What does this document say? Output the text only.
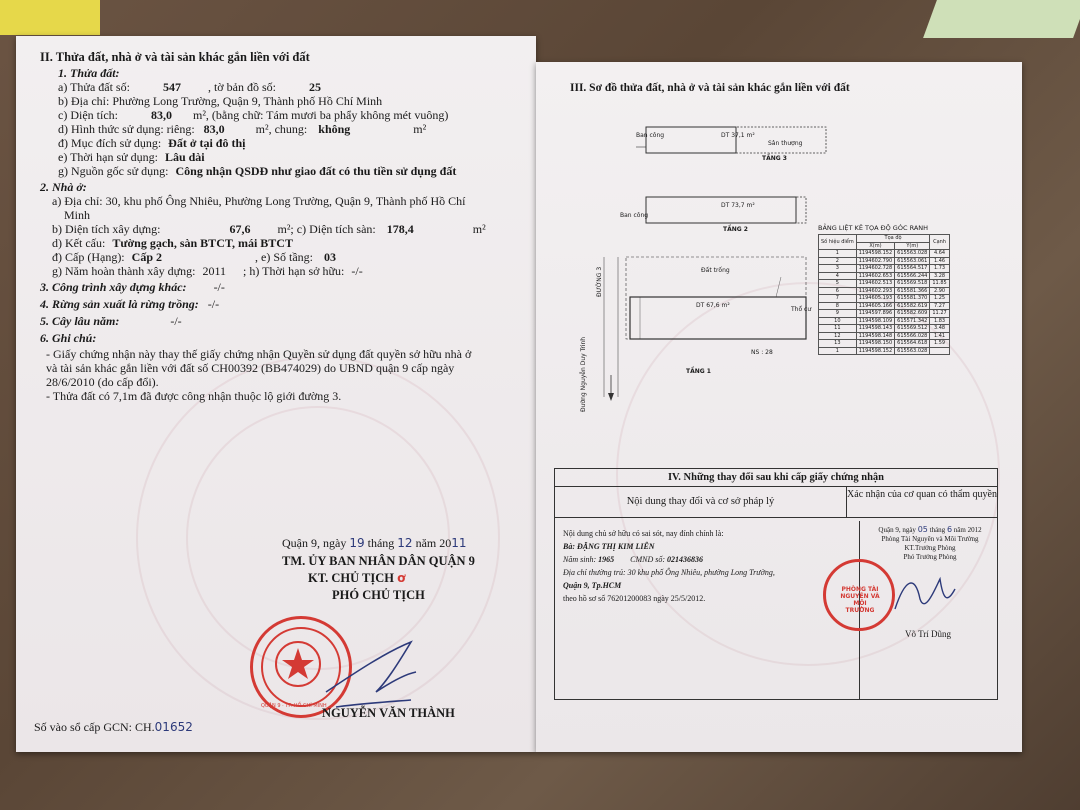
II. Thửa đất, nhà ở và tài sản khác gắn liền với đất
1. Thửa đất:
a) Thửa đất số:	547 , tờ bản đồ số:	25
b) Địa chỉ: Phường Long Trường, Quận 9, Thành phố Hồ Chí Minh
c) Diện tích:	83,0 m², (bằng chữ: Tám mươi ba phẩy không mét vuông)
d) Hình thức sử dụng: riêng: 83,0	m², chung: không	m²
đ) Mục đích sử dụng: Đất ở tại đô thị
e) Thời hạn sử dụng: Lâu dài
g) Nguồn gốc sử dụng: Công nhận QSDĐ như giao đất có thu tiền sử dụng đất
2. Nhà ở:
a) Địa chỉ: 30, khu phố Ông Nhiêu, Phường Long Trường, Quận 9, Thành phố Hồ Chí
Minh
b) Diện tích xây dựng:	67,6 m²; c) Diện tích sàn: 178,4	m²
d) Kết cấu: Tường gạch, sàn BTCT, mái BTCT
đ) Cấp (Hạng): Cấp 2	, e) Số tầng: 03
g) Năm hoàn thành xây dựng: 2011 ; h) Thời hạn sở hữu: -/-
3. Công trình xây dựng khác: -/-
4. Rừng sản xuất là rừng trồng: -/-
5. Cây lâu năm:	-/-
6. Ghi chú:
- Giấy chứng nhận này thay thế giấy chứng nhận Quyền sử dụng đất quyền sở hữu nhà ở
và tài sản khác gắn liền với đất số CH00392 (BB474029) do UBND quận 9 cấp ngày
28/6/2010 (do cấp đổi).
- Thửa đất có 7,1m đã được công nhận thuộc lộ giới đường 3.
Quận 9, ngày 19 tháng 12 năm 2011
TM. ỦY BAN NHÂN DÂN QUẬN 9
KT. CHỦ TỊCH ơ
PHÓ CHỦ TỊCH
QUẬN 9 · TP. HỒ CHÍ MINH
NGUYỄN VĂN THÀNH
Số vào sổ cấp GCN: CH.01652
III. Sơ đồ thửa đất, nhà ở và tài sản khác gắn liền với đất
Ban công	DT 37,1 m²
Sân thượng
TẦNG 3
Ban công
DT 73,7 m²
TẦNG 2
Đất trống
Thổ cư
DT 67,6 m²
NS : 28
TẦNG 1
ĐƯỜNG 3
Đường Nguyễn Duy Trinh
BẢNG LIỆT KÊ TỌA ĐỘ GÓC RANH
Số hiệu điểm	Tọa độ		Cạnh
	X(m)	Y(m)	
1	1194598.152	615563.028	4.64
2	1194602.790	615563.061	1.46
3	1194602.728	615564.517	1.73
4	1194602.653	615566.244	3.28
5	1194602.513	615569.518	11.85
6	1194602.293	615581.366	2.90
7	1194605.193	615581.370	1.25
8	1194605.166	615582.619	7.27
9	1194597.896	615582.609	11.27
10	1194598.109	615571.342	1.83
11	1194598.143	615569.512	3.48
12	1194598.148	615566.028	1.41
13	1194598.150	615564.618	1.59
1	1194598.152	615563.028	
IV. Những thay đổi sau khi cấp giấy chứng nhận
Nội dung thay đổi và cơ sở pháp lý
Xác nhận của cơ quan có thẩm quyền
Nội dung chủ sở hữu có sai sót, nay đính chính là:
Bà: ĐẶNG THỊ KIM LIÊN
Năm sinh: 1965 CMND số: 021436836
Địa chỉ thường trú: 30 khu phố Ông Nhiêu, phường Long Trường,
Quận 9, Tp.HCM
theo hồ sơ số 76201200083 ngày 25/5/2012.
Quận 9, ngày 05 tháng 6 năm 2012
Phòng Tài Nguyên và Môi Trường
KT.Trưởng Phòng
Phó Trưởng Phòng
PHÒNG TÀI NGUYÊN VÀ MÔI TRƯỜNG
Võ Trí Dũng
